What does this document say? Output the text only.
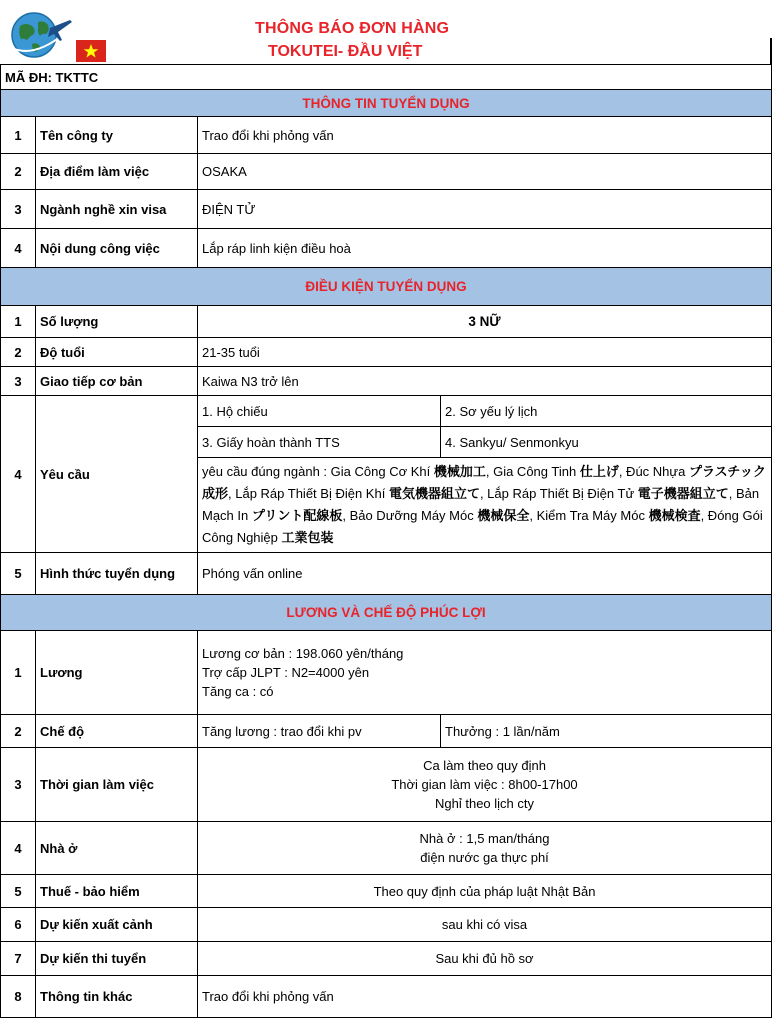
THÔNG BÁO ĐƠN HÀNG
TOKUTEI- ĐẦU VIỆT
MÃ ĐH: TKTTC			
THÔNG TIN TUYỂN DỤNG			
1	Tên công ty	Trao đổi khi phỏng vấn	
2	Địa điểm làm việc	OSAKA	
3	Ngành nghề xin visa	ĐIỆN TỬ	
4	Nội dung công việc	Lắp ráp linh kiện điều hoà	
ĐIỀU KIỆN TUYỂN DỤNG			
1	Số lượng	3 NỮ	
2	Độ tuổi	21-35 tuổi	
3	Giao tiếp cơ bản	Kaiwa N3 trở lên	
4	Yêu cầu	1. Hộ chiếu	2. Sơ yếu lý lịch
		3. Giấy hoàn thành TTS	4. Sankyu/ Senmonkyu
		yêu cầu đúng ngành : Gia Công Cơ Khí 機械加工, Gia Công Tinh 仕上げ, Đúc Nhựa プラスチック成形, Lắp Ráp Thiết Bị Điện Khí 電気機器組立て, Lắp Ráp Thiết Bị Điện Tử 電子機器組立て, Bản Mạch In プリント配線板, Bảo Dưỡng Máy Móc 機械保全, Kiểm Tra Máy Móc 機械検査, Đóng Gói Công Nghiệp 工業包装	
5	Hình thức tuyển dụng	Phóng vấn online	
LƯƠNG VÀ CHẾ ĐỘ PHÚC LỢI			
1	Lương	Lương cơ bản : 198.060 yên/tháng
Trợ cấp JLPT : N2=4000 yên
Tăng ca : có	

2	Chế độ	Tăng lương : trao đổi khi pv	Thưởng : 1 lần/năm
3	Thời gian làm việc	Ca làm theo quy định
Thời gian làm việc : 8h00-17h00
Nghỉ theo lịch cty	

4	Nhà ở	Nhà ở : 1,5 man/tháng
điện nước ga thực phí	

5	Thuế - bảo hiểm	Theo quy định của pháp luật Nhật Bản	
6	Dự kiến xuất cảnh	sau khi có visa	
7	Dự kiến thi tuyển	Sau khi đủ hồ sơ	
8	Thông tin khác	Trao đổi khi phỏng vấn	
